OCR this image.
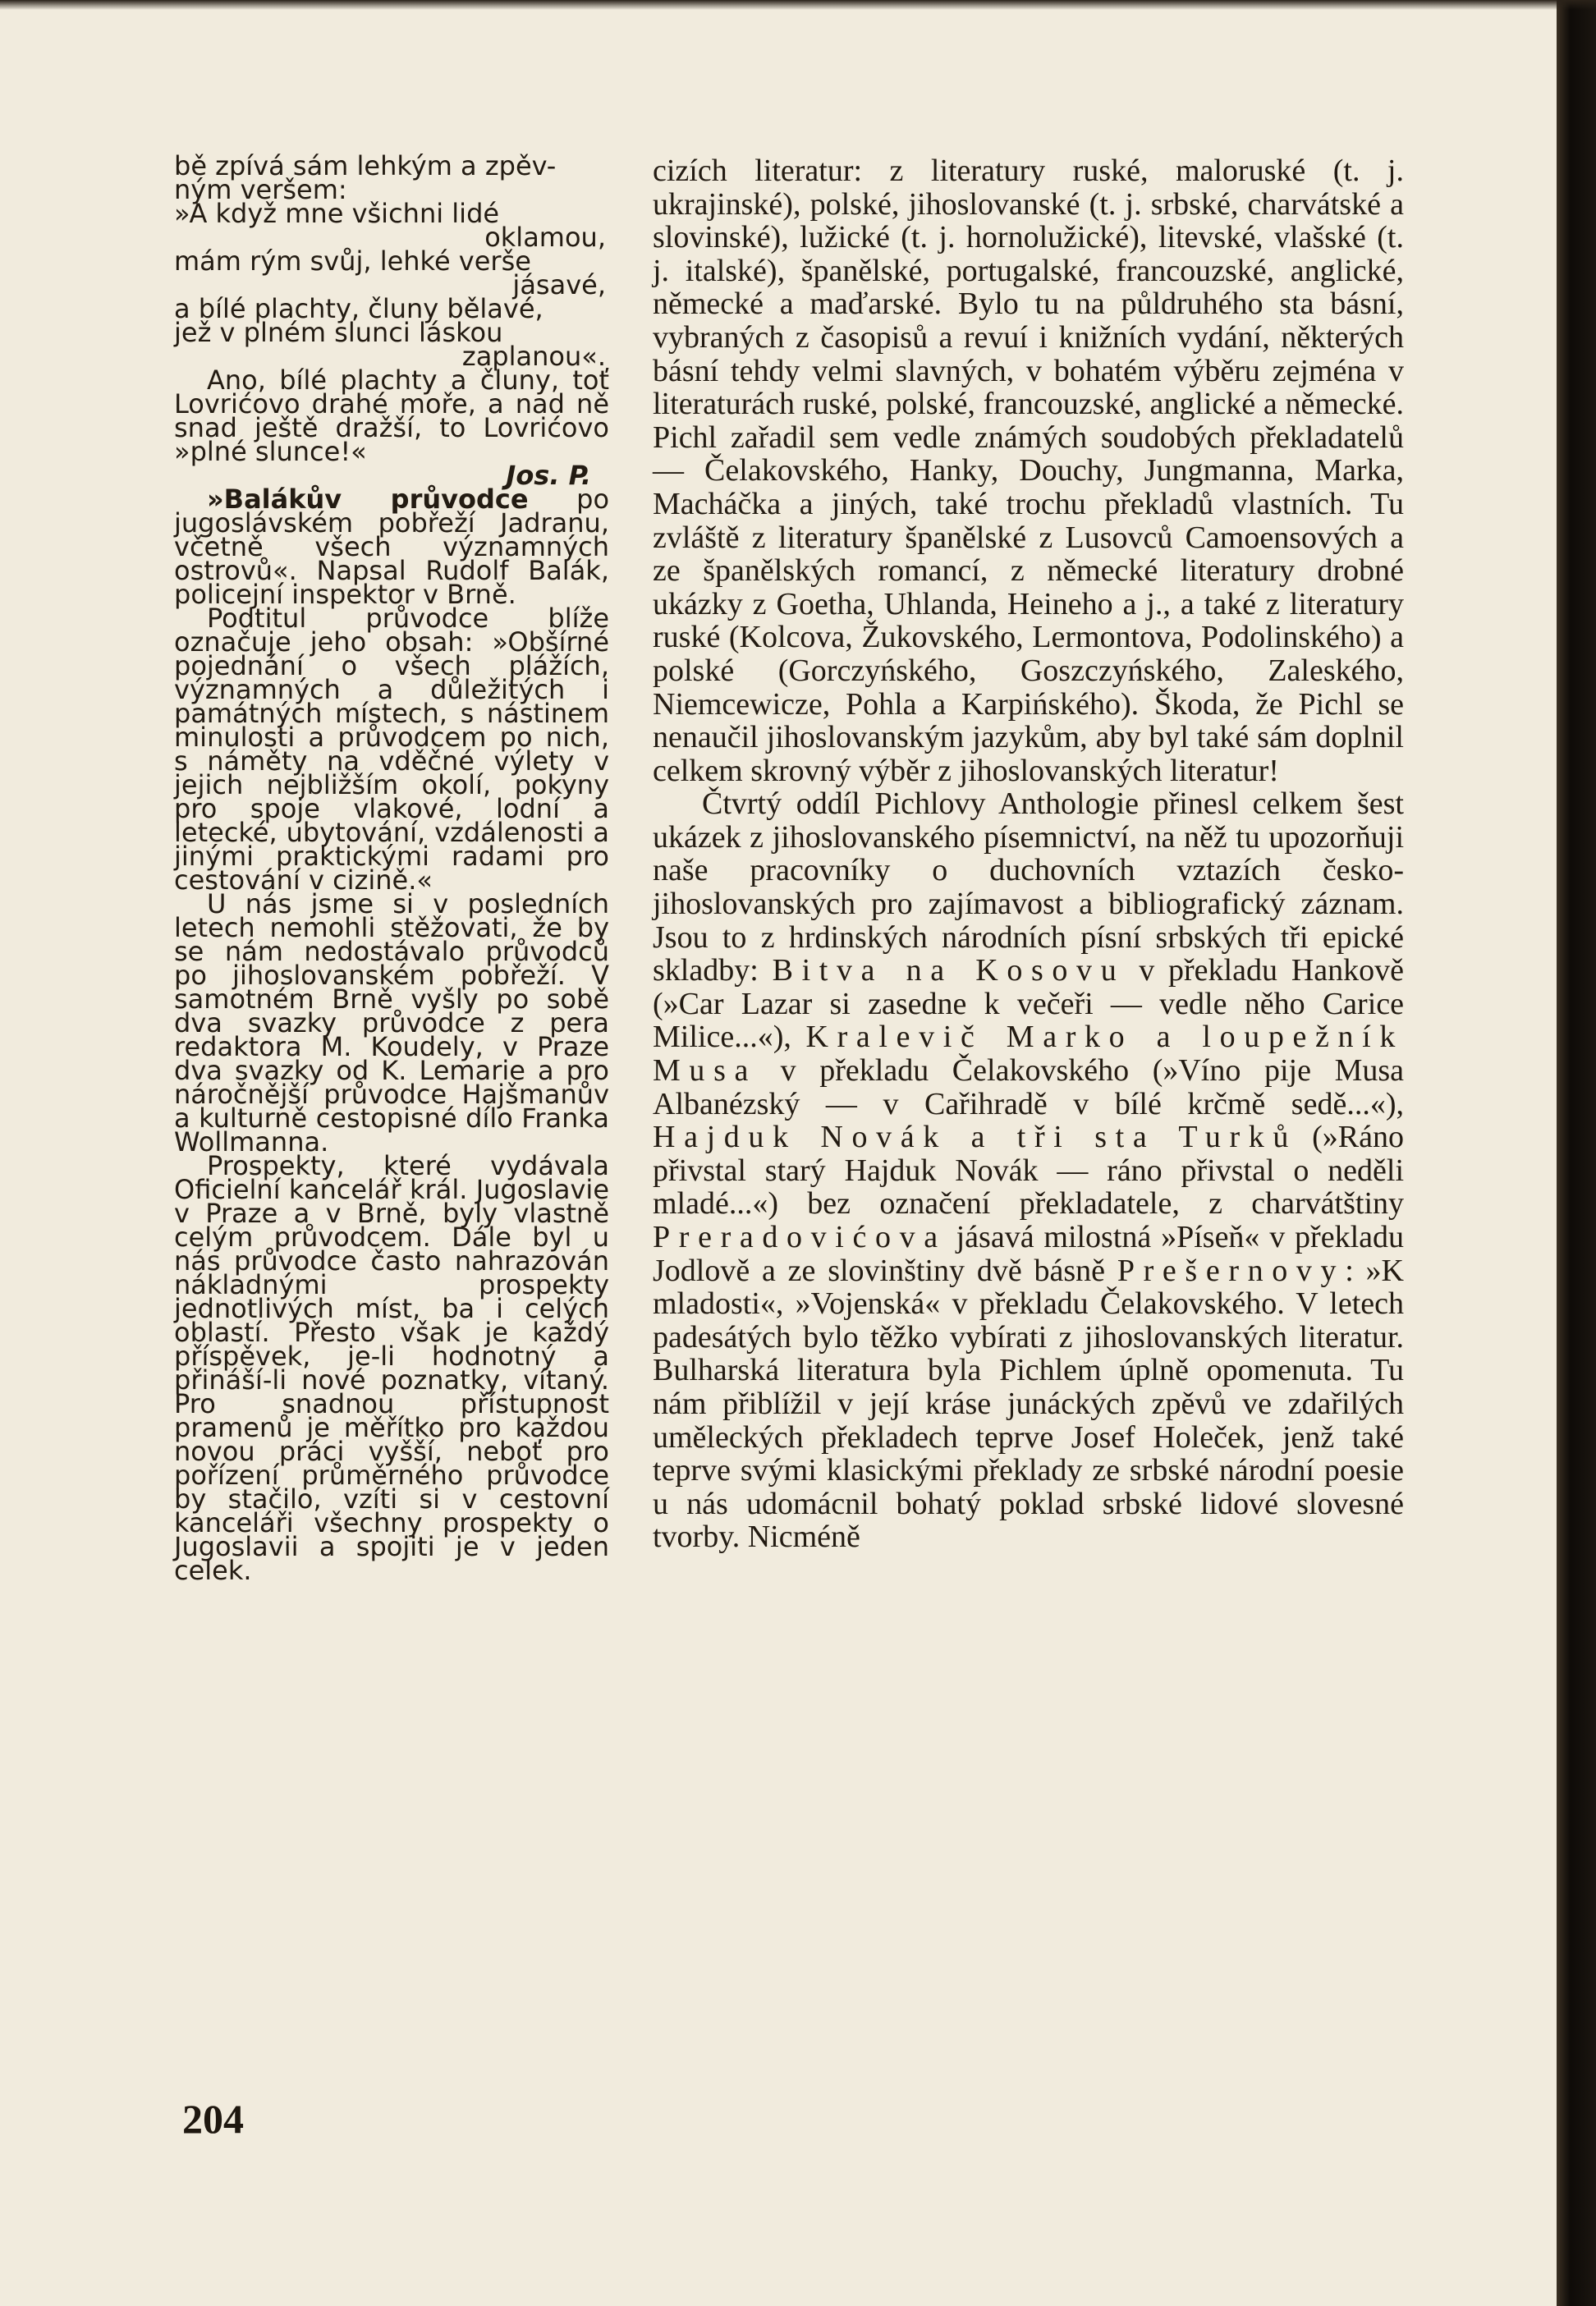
bě zpívá sám lehkým a zpěv-

ným veršem:

»A když mne všichni lidé

oklamou,

mám rým svůj, lehké verše

jásavé,

a bílé plachty, čluny bělavé,

jež v plném slunci láskou

zaplanou«.

Ano, bílé plachty a čluny, toť Lovrićovo drahé moře, a nad ně snad ještě dražší, to Lovrićovo »plné slunce!«

Jos. P.

»Balákův průvodce po jugoslávském pobřeží Jadranu, včetně všech významných ostrovů«. Napsal Rudolf Balák, policejní inspektor v Brně.

Podtitul průvodce blíže označuje jeho obsah: »Obšírné pojednání o všech plážích, významných a důležitých i památných místech, s nástinem minulosti a průvodcem po nich, s náměty na vděčné výlety v jejich nejbližším okolí, pokyny pro spoje vlakové, lodní a letecké, ubytování, vzdálenosti a jinými praktickými radami pro cestování v cizině.«

U nás jsme si v posledních letech nemohli stěžovati, že by se nám nedostávalo průvodců po jihoslovanském pobřeží. V samotném Brně vyšly po sobě dva svazky průvodce z pera redaktora M. Koudely, v Praze dva svazky od K. Lemarie a pro náročnější průvodce Hajšmanův a kulturně cestopisné dílo Franka Wollmanna.

Prospekty, které vydávala Oficielní kancelář král. Jugoslavie v Praze a v Brně, byly vlastně celým průvodcem. Dále byl u nás průvodce často nahrazován nákladnými prospekty jednotlivých míst, ba i celých oblastí. Přesto však je každý příspěvek, je-li hodnotný a přináší-li nové poznatky, vítaný. Pro snadnou přístupnost pramenů je měřítko pro každou novou práci vyšší, neboť pro pořízení průměrného průvodce by stačilo, vzíti si v cestovní kanceláři všechny prospekty o Jugoslavii a spojiti je v jeden celek.

cizích literatur: z literatury ruské, maloruské (t. j. ukrajinské), polské, jihoslovanské (t. j. srbské, charvátské a slovinské), lužické (t. j. hornolužické), litevské, vlašské (t. j. italské), španělské, portugalské, francouzské, anglické, německé a maďarské. Bylo tu na půldruhého sta básní, vybraných z časopisů a revuí i knižních vydání, některých básní tehdy velmi slavných, v bohatém výběru zejména v literaturách ruské, polské, francouzské, anglické a německé. Pichl zařadil sem vedle známých soudobých překladatelů — Čelakovského, Hanky, Douchy, Jungmanna, Marka, Macháčka a jiných, také trochu překladů vlastních. Tu zvláště z literatury španělské z Lusovců Camoensových a ze španělských romancí, z německé literatury drobné ukázky z Goetha, Uhlanda, Heineho a j., a také z literatury ruské (Kolcova, Žukovského, Lermontova, Podolinského) a polské (Gorczyńského, Goszczyńského, Zaleského, Niemcewicze, Pohla a Karpińského). Škoda, že Pichl se nenaučil jihoslovanským jazykům, aby byl také sám doplnil celkem skrovný výběr z jihoslovanských literatur!

Čtvrtý oddíl Pichlovy Anthologie přinesl celkem šest ukázek z jihoslovanského písemnictví, na něž tu upozorňuji naše pracovníky o duchovních vztazích česko-jihoslovanských pro zajímavost a bibliografický záznam. Jsou to z hrdinských národních písní srbských tři epické skladby: Bitva na Kosovu v překladu Hankově (»Car Lazar si zasedne k večeři — vedle něho Carice Milice...«), Kralevič Marko a loupežník Musa v překladu Čelakovského (»Víno pije Musa Albanézský — v Cařihradě v bílé krčmě sedě...«), Hajduk Novák a tři sta Turků (»Ráno přivstal starý Hajduk Novák — ráno přivstal o neděli mladé...«) bez označení překladatele, z charvátštiny Preradovićova jásavá milostná »Píseň« v překladu Jodlově a ze slovinštiny dvě básně Prešernovy: »K mladosti«, »Vojenská« v překladu Čelakovského. V letech padesátých bylo těžko vybírati z jihoslovanských literatur. Bulharská literatura byla Pichlem úplně opomenuta. Tu nám přiblížil v její kráse junáckých zpěvů ve zdařilých uměleckých překladech teprve Josef Holeček, jenž také teprve svými klasickými překlady ze srbské národní poesie u nás udomácnil bohatý poklad srbské lidové slovesné tvorby. Nicméně

204
